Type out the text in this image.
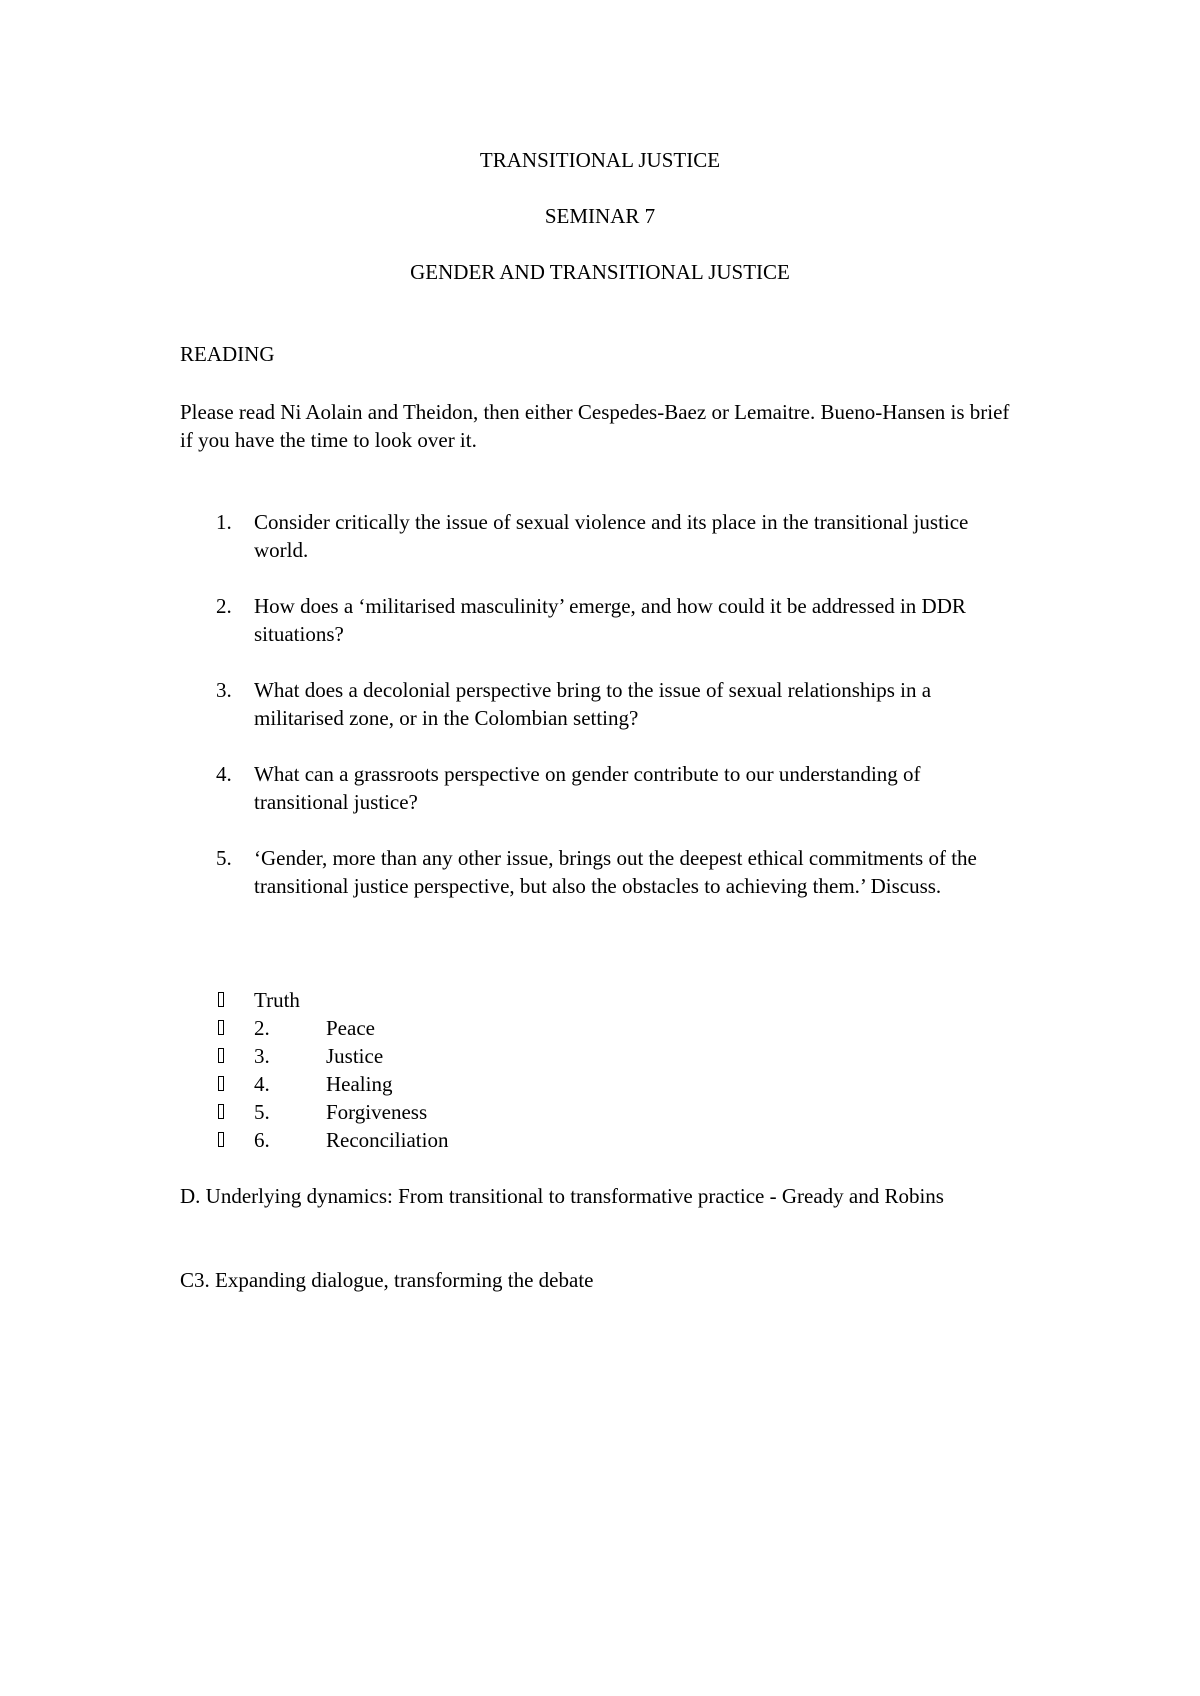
TRANSITIONAL JUSTICE
SEMINAR 7
GENDER AND TRANSITIONAL JUSTICE
READING
Please read Ni Aolain and Theidon, then either Cespedes-Baez or Lemaitre. Bueno-Hansen is brief if you have the time to look over it.
1. Consider critically the issue of sexual violence and its place in the transitional justice world.
2. How does a ‘militarised masculinity’ emerge, and how could it be addressed in DDR situations?
3. What does a decolonial perspective bring to the issue of sexual relationships in a militarised zone, or in the Colombian setting?
4. What can a grassroots perspective on gender contribute to our understanding of transitional justice?
5. ‘Gender, more than any other issue, brings out the deepest ethical commitments of the transitional justice perspective, but also the obstacles to achieving them.’ Discuss.
Truth
2.	Peace
3.	Justice
4.	Healing
5.	Forgiveness
6.	Reconciliation
D. Underlying dynamics: From transitional to transformative practice - Gready and Robins
C3. Expanding dialogue, transforming the debate
